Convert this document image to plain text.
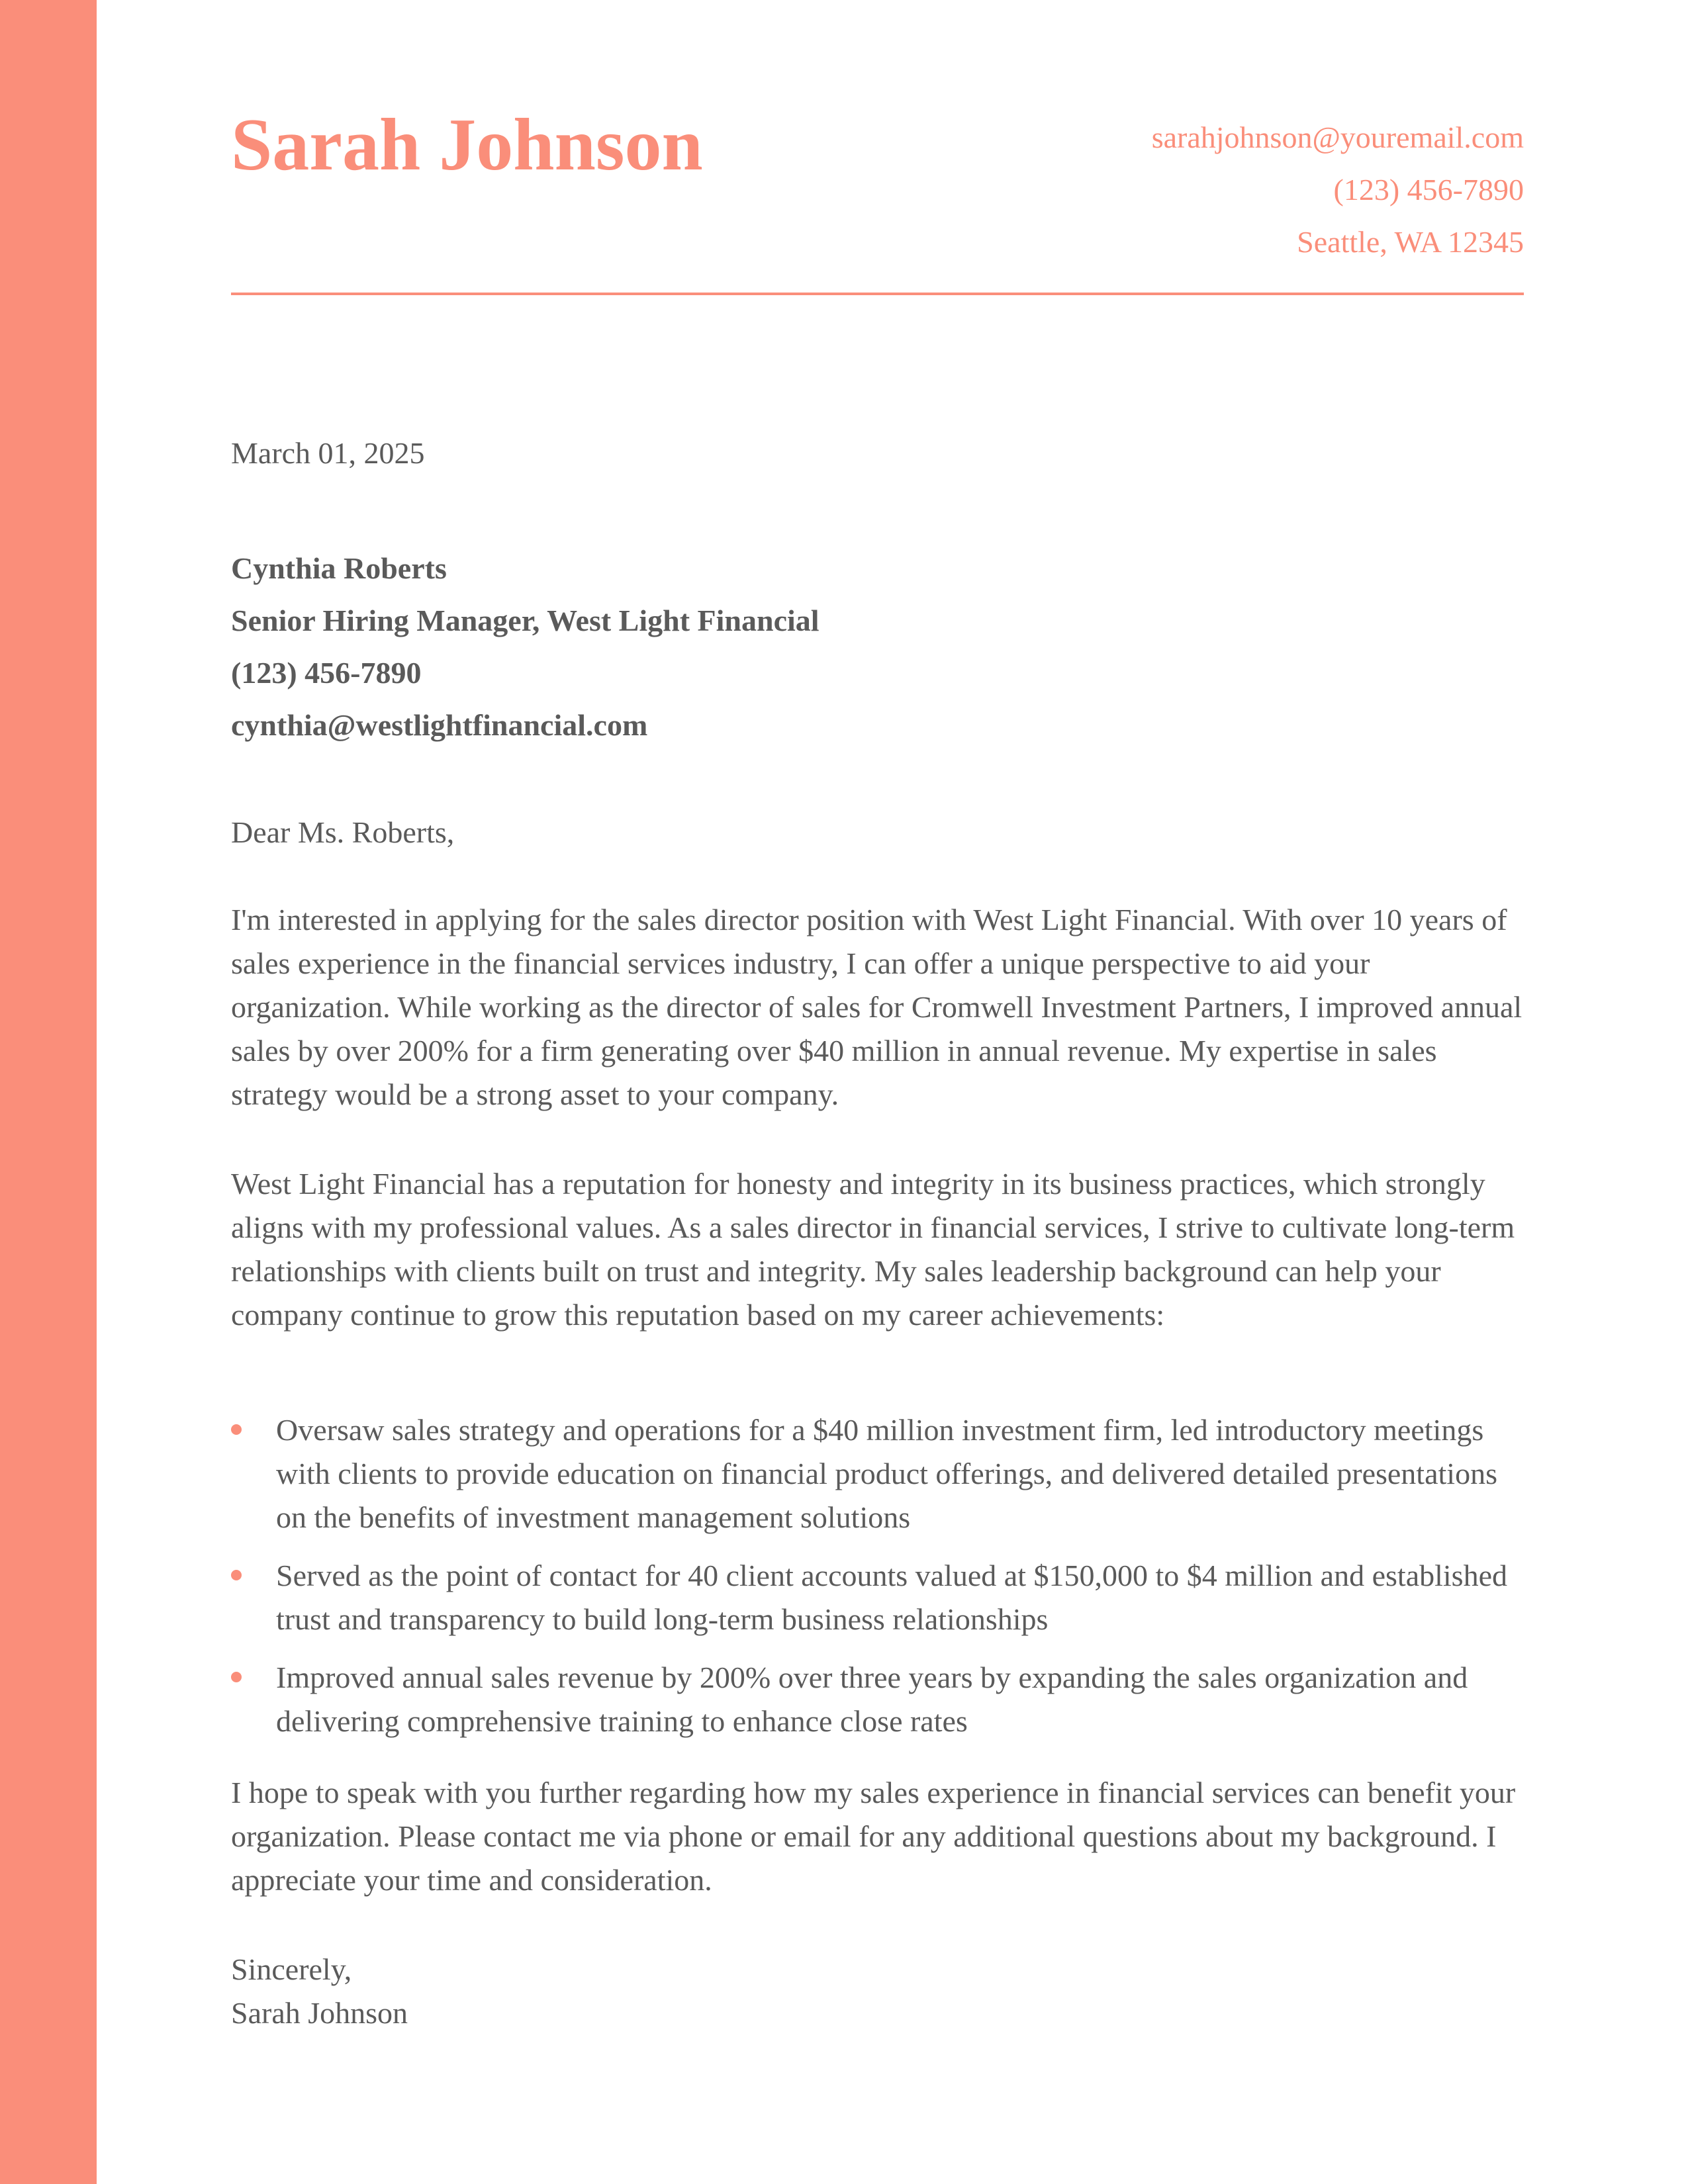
Sarah Johnson	sarahjohnson@youremail.com
(123) 456-7890
Seattle, WA 12345
March 01, 2025
Cynthia Roberts
Senior Hiring Manager, West Light Financial
(123) 456-7890
cynthia@westlightfinancial.com
Dear Ms. Roberts,

I'm interested in applying for the sales director position with West Light Financial. With over 10 years of sales experience in the financial services industry, I can offer a unique perspective to aid your organization. While working as the director of sales for Cromwell Investment Partners, I improved annual sales by over 200% for a firm generating over $40 million in annual revenue. My expertise in sales strategy would be a strong asset to your company.

West Light Financial has a reputation for honesty and integrity in its business practices, which strongly aligns with my professional values. As a sales director in financial services, I strive to cultivate long-term relationships with clients built on trust and integrity. My sales leadership background can help your company continue to grow this reputation based on my career achievements:

Oversaw sales strategy and operations for a $40 million investment firm, led introductory meetings with clients to provide education on financial product offerings, and delivered detailed presentations on the benefits of investment management solutions
Served as the point of contact for 40 client accounts valued at $150,000 to $4 million and established trust and transparency to build long-term business relationships
Improved annual sales revenue by 200% over three years by expanding the sales organization and delivering comprehensive training to enhance close rates

I hope to speak with you further regarding how my sales experience in financial services can benefit your organization. Please contact me via phone or email for any additional questions about my background. I appreciate your time and consideration.

Sincerely,
Sarah Johnson
